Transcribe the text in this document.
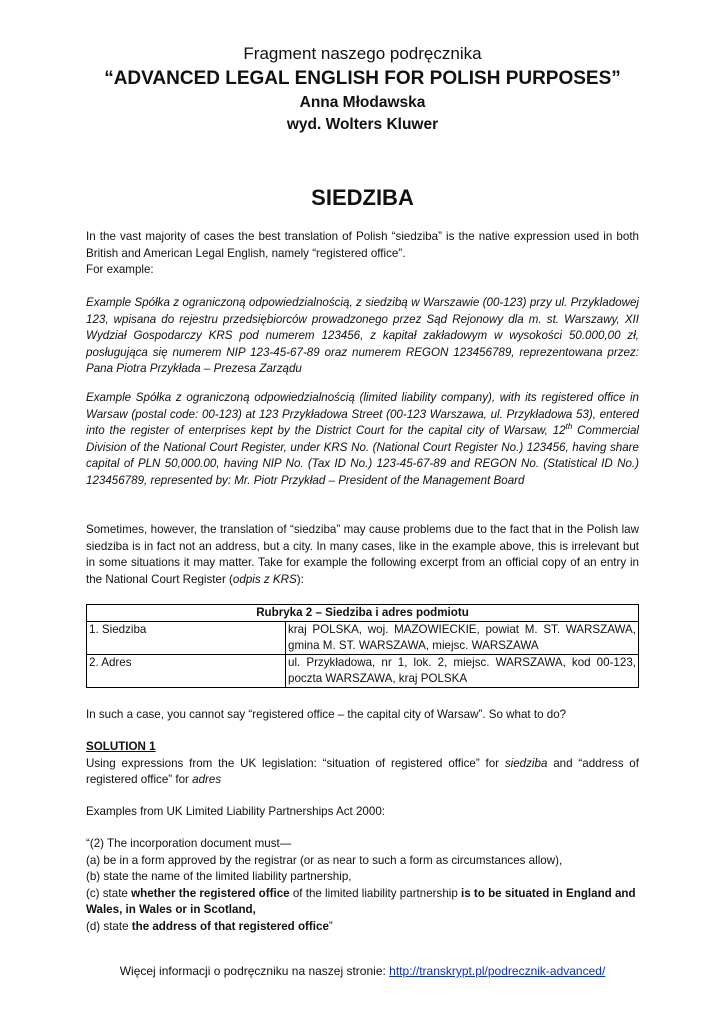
Fragment naszego podręcznika
“ADVANCED LEGAL ENGLISH FOR POLISH PURPOSES”
Anna Młodawska
wyd. Wolters Kluwer
SIEDZIBA

In the vast majority of cases the best translation of Polish “siedziba” is the native expression used in both British and American Legal English, namely “registered office”.

For example:

Example Spółka z ograniczoną odpowiedzialnością, z siedzibą w Warszawie (00-123) przy ul. Przykladowej 123, wpisana do rejestru przedsiębiorców prowadzonego przez Sąd Rejonowy dla m. st. Warszawy, XII Wydział Gospodarczy KRS pod numerem 123456, z kapitał zakładowym w wysokości 50.000,00 zł, posługująca się numerem NIP 123-45-67-89 oraz numerem REGON 123456789, reprezentowana przez: Pana Piotra Przykłada – Prezesa Zarządu
Example Spółka z ograniczoną odpowiedzialnością (limited liability company), with its registered office in Warsaw (postal code: 00-123) at 123 Przykładowa Street (00-123 Warszawa, ul. Przykładowa 53), entered into the register of enterprises kept by the District Court for the capital city of Warsaw, 12th Commercial Division of the National Court Register, under KRS No. (National Court Register No.) 123456, having share capital of PLN 50,000.00, having NIP No. (Tax ID No.) 123-45-67-89 and REGON No. (Statistical ID No.) 123456789, represented by: Mr. Piotr Przykład – President of the Management Board
Sometimes, however, the translation of “siedziba” may cause problems due to the fact that in the Polish law siedziba is in fact not an address, but a city. In many cases, like in the example above, this is irrelevant but in some situations it may matter. Take for example the following excerpt from an official copy of an entry in the National Court Register (odpis z KRS):
Rubryka 2 – Siedziba i adres podmiotu	
1. Siedziba	kraj POLSKA, woj. MAZOWIECKIE, powiat M. ST. WARSZAWA, gmina M. ST. WARSZAWA, miejsc. WARSZAWA
2. Adres	ul. Przykładowa, nr 1, lok. 2, miejsc. WARSZAWA, kod 00-123, poczta WARSZAWA, kraj POLSKA
In such a case, you cannot say “registered office – the capital city of Warsaw”. So what to do?

SOLUTION 1

Using expressions from the UK legislation: “situation of registered office” for siedziba and “address of registered office” for adres

Examples from UK Limited Liability Partnerships Act 2000:

“(2) The incorporation document must—

(a) be in a form approved by the registrar (or as near to such a form as circumstances allow),

(b) state the name of the limited liability partnership,

(c) state whether the registered office of the limited liability partnership is to be situated in England and Wales, in Wales or in Scotland,

(d) state the address of that registered office”

Więcej informacji o podręczniku na naszej stronie: http://transkrypt.pl/podrecznik-advanced/
